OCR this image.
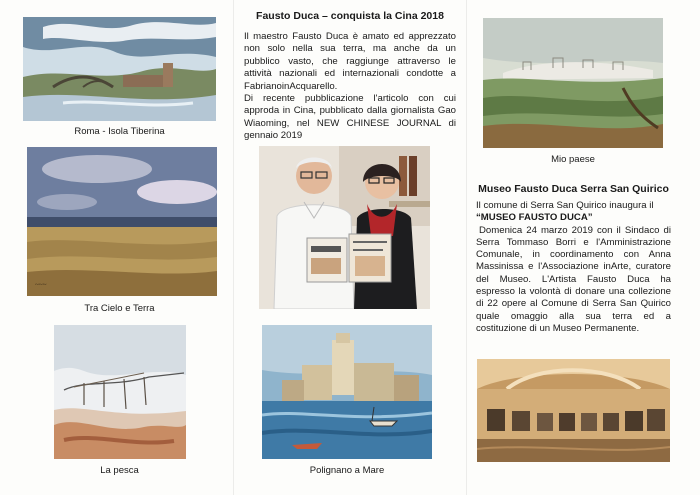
Roma - Isola Tiberina
~~~
Tra Cielo e Terra
La pesca
Fausto Duca – conquista la Cina 2018

Il maestro Fausto Duca è amato ed apprezzato non solo nella sua terra, ma anche da un pubblico vasto, che raggiunge attraverso le attività nazionali ed internazionali condotte a FabrianoinAcquarello.

Di recente pubblicazione l'articolo con cui approda in Cina, pubblicato dalla giornalista Gao Wiaoming, nel NEW CHINESE JOURNAL di gennaio 2019

Polignano a Mare
Mio paese
Museo Fausto Duca Serra San Quirico

Il comune di Serra San Quirico inaugura il

“MUSEO FAUSTO DUCA”

Domenica 24 marzo 2019 con il Sindaco di Serra Tommaso Borri e l'Amministrazione Comunale, in coordinamento con Anna Massinissa e l'Associazione inArte, curatore del Museo. L'Artista Fausto Duca ha espresso la volontà di donare una collezione di 22 opere al Comune di Serra San Quirico quale omaggio alla sua terra ed a costituzione di un Museo Permanente.
